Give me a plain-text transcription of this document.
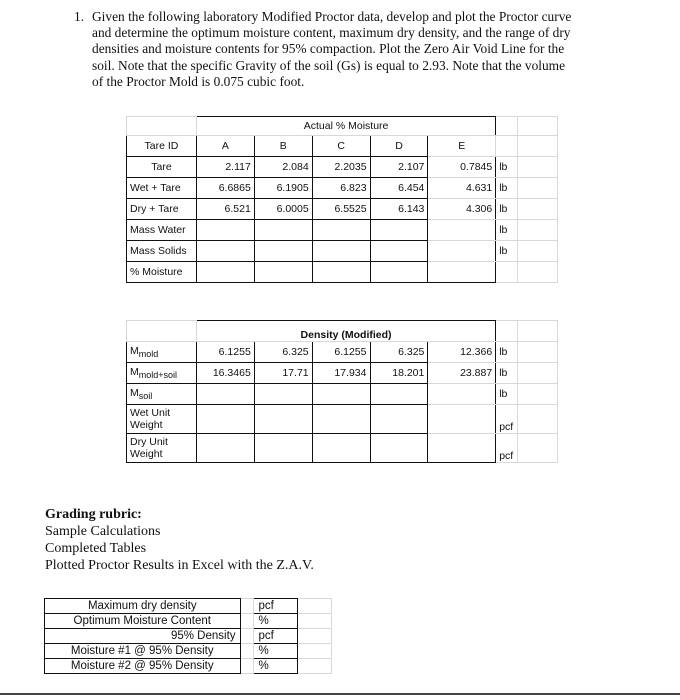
1. Given the following laboratory Modified Proctor data, develop and plot the Proctor curve
and determine the optimum moisture content, maximum dry density, and the range of dry
densities and moisture contents for 95% compaction. Plot the Zero Air Void Line for the
soil. Note that the specific Gravity of the soil (Gs) is equal to 2.93. Note that the volume
of the Proctor Mold is 0.075 cubic foot.
	Actual % Moisture						
Tare ID	A	B	C	D	E		
Tare	2.117	2.084	2.2035	2.107	0.7845	lb	
Wet + Tare	6.6865	6.1905	6.823	6.454	4.631	lb	
Dry + Tare	6.521	6.0005	6.5525	6.143	4.306	lb	
Mass Water						lb	
Mass Solids						lb	
% Moisture							
	Density (Modified)						
$M_{mold}$	6.1255	6.325	6.1255	6.325	12.366	lb	
$M_{mold+soil}$	16.3465	17.71	17.934	18.201	23.887	lb	
$M_{soil}$						lb	
Wet Unit Weight						pcf	
Dry Unit Weight						pcf	
Grading rubric:
Sample Calculations
Completed Tables
Plotted Proctor Results in Excel with the Z.A.V.
Maximum dry density		pcf	
Optimum Moisture Content		%	
95% Density		pcf	
Moisture #1 @ 95% Density		%	
Moisture #2 @ 95% Density		%	
